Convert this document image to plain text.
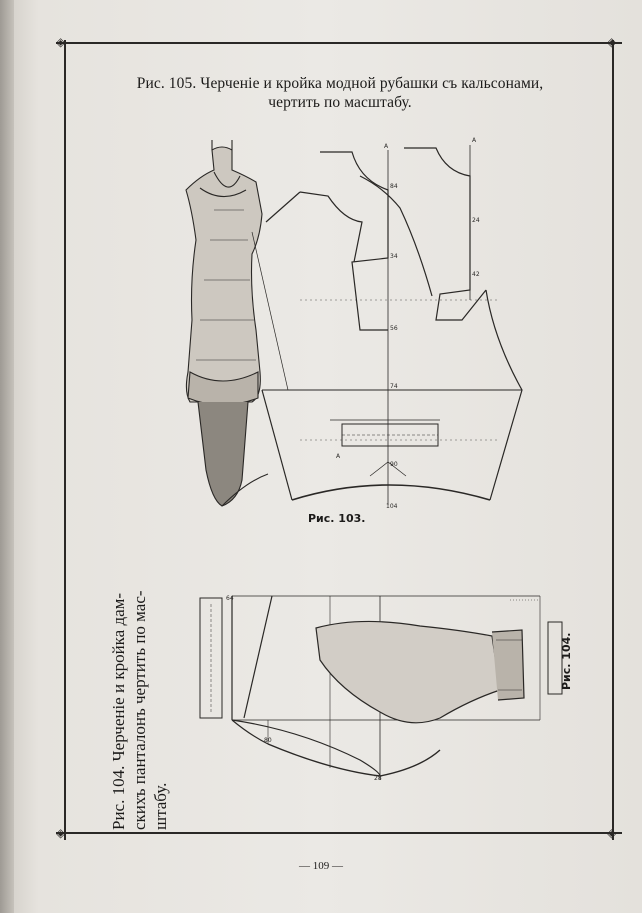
◈	◈
◈	◈
Рис. 105. Черченіе и кройка модной рубашки съ кальсонами,
чертить по масштабу.
A
A
84
34
56
74
24
42
A
90
104
64
80
28
Рис. 103.
Рис. 104.
Рис. 104. Черченіе и кройка дам- скихъ панталонъ чертить по мас- штабу.
— 109 —
